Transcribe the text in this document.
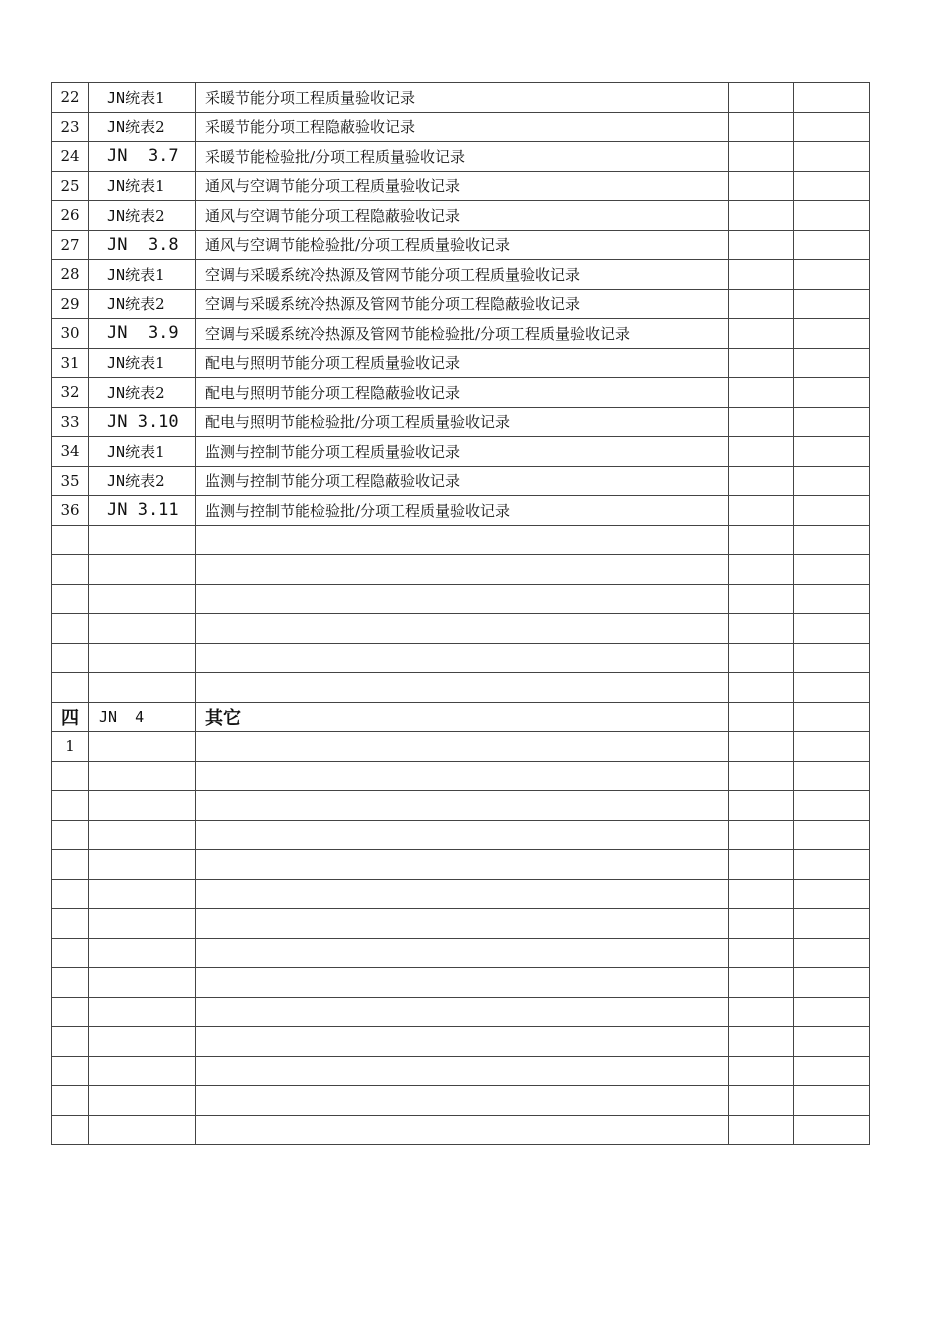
22	JN统表1	采暖节能分项工程质量验收记录		
23	JN统表2	采暖节能分项工程隐蔽验收记录		
24	JN  3.7	采暖节能检验批/分项工程质量验收记录		
25	JN统表1	通风与空调节能分项工程质量验收记录		
26	JN统表2	通风与空调节能分项工程隐蔽验收记录		
27	JN  3.8	通风与空调节能检验批/分项工程质量验收记录		
28	JN统表1	空调与采暖系统冷热源及管网节能分项工程质量验收记录		
29	JN统表2	空调与采暖系统冷热源及管网节能分项工程隐蔽验收记录		
30	JN  3.9	空调与采暖系统冷热源及管网节能检验批/分项工程质量验收记录		
31	JN统表1	配电与照明节能分项工程质量验收记录		
32	JN统表2	配电与照明节能分项工程隐蔽验收记录		
33	JN 3.10	配电与照明节能检验批/分项工程质量验收记录		
34	JN统表1	监测与控制节能分项工程质量验收记录		
35	JN统表2	监测与控制节能分项工程隐蔽验收记录		
36	JN 3.11	监测与控制节能检验批/分项工程质量验收记录		

四	JN  4	其它		
1				
